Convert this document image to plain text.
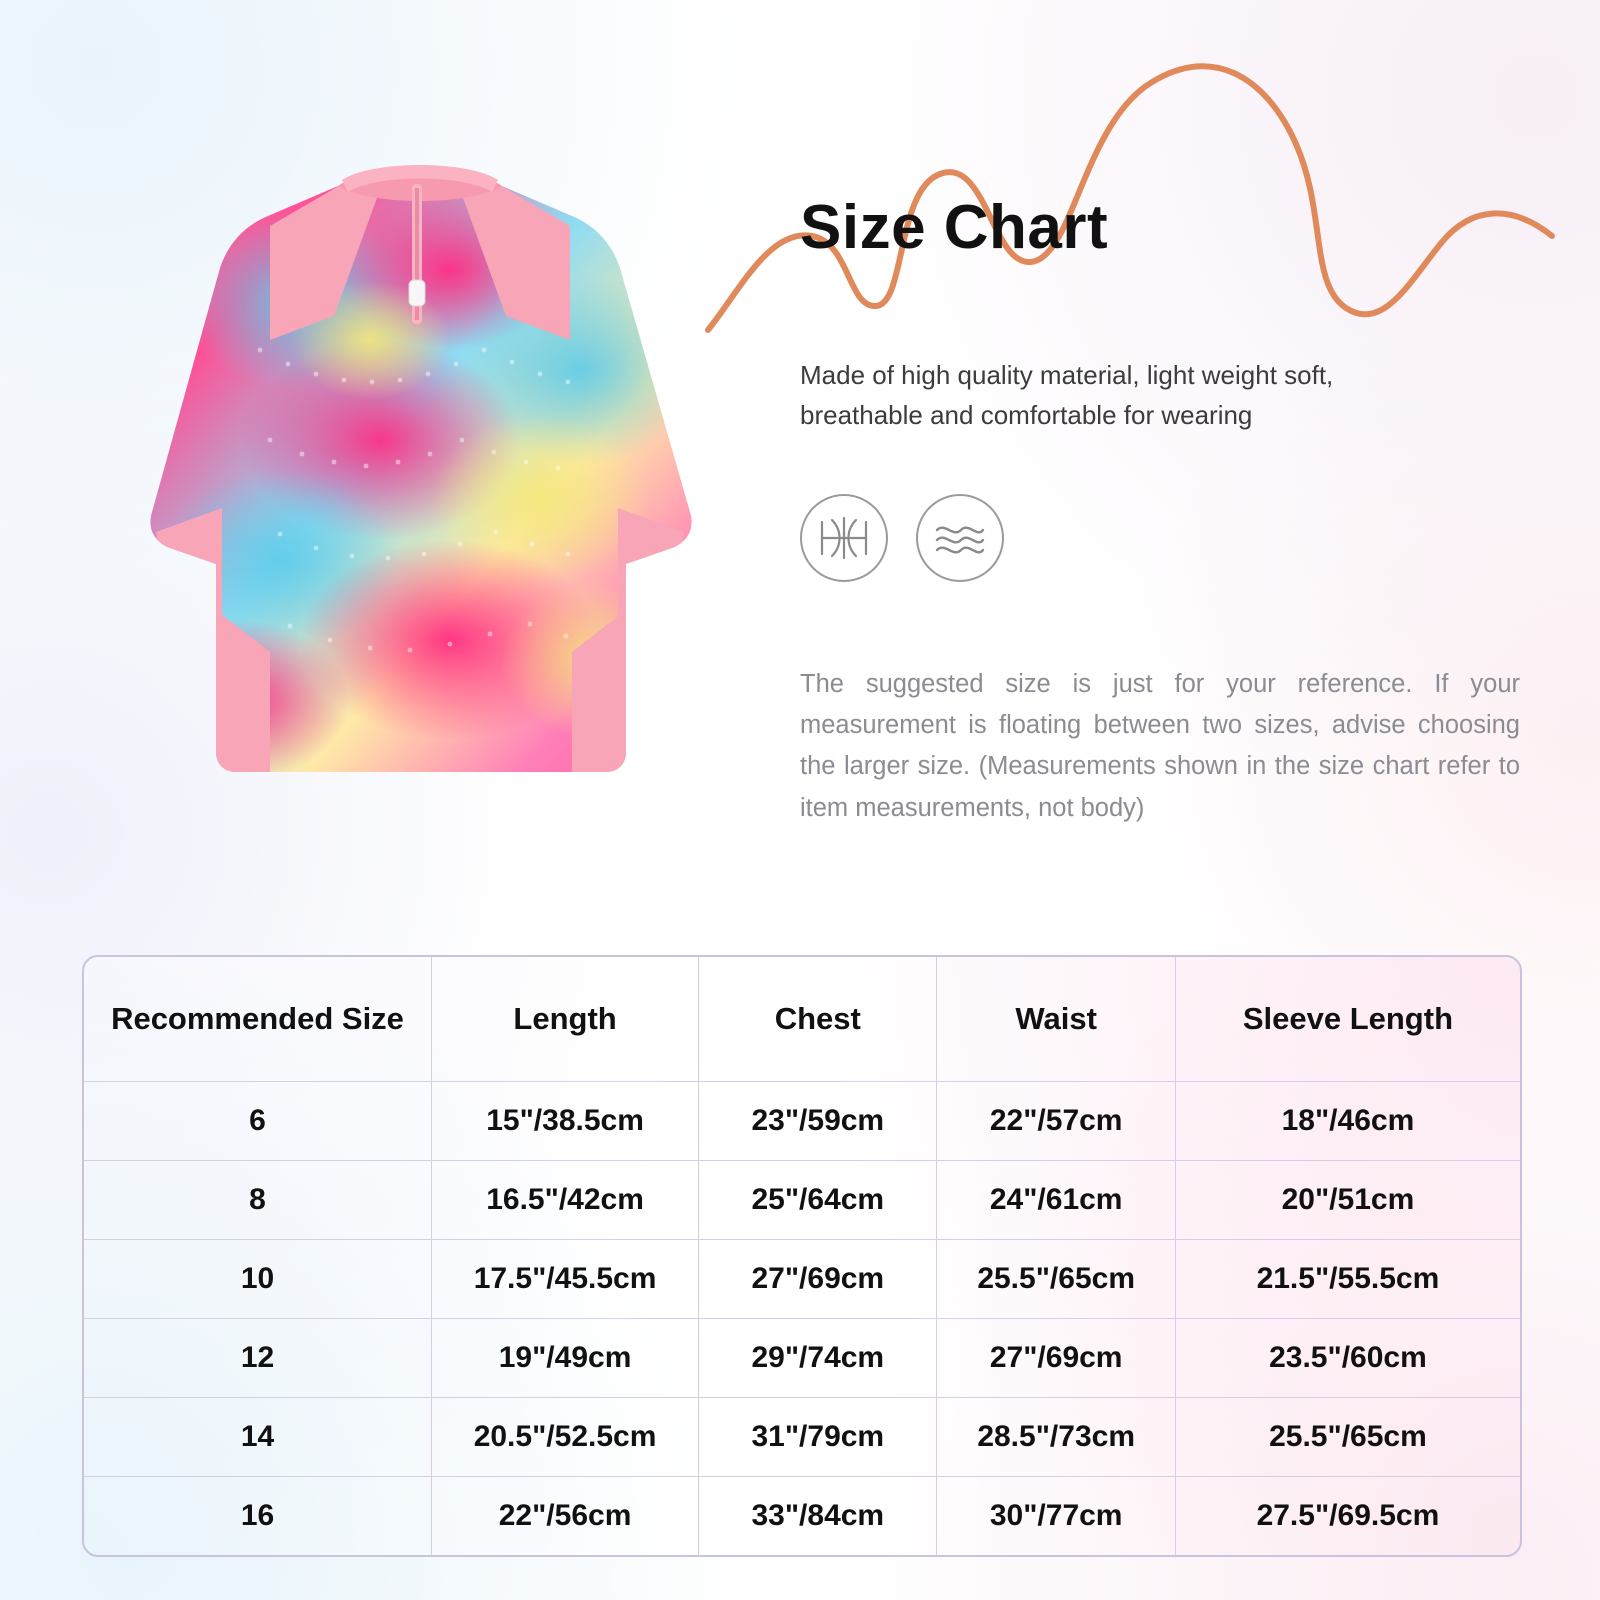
Size Chart

Made of high quality material, light weight soft, breathable and comfortable for wearing

The suggested size is just for your reference. If your measurement is floating between two sizes, advise choosing the larger size. (Measurements shown in the size chart refer to item measurements, not body)

Recommended Size	Length	Chest	Waist	Sleeve Length
6	15"/38.5cm	23"/59cm	22"/57cm	18"/46cm
8	16.5"/42cm	25"/64cm	24"/61cm	20"/51cm
10	17.5"/45.5cm	27"/69cm	25.5"/65cm	21.5"/55.5cm
12	19"/49cm	29"/74cm	27"/69cm	23.5"/60cm
14	20.5"/52.5cm	31"/79cm	28.5"/73cm	25.5"/65cm
16	22"/56cm	33"/84cm	30"/77cm	27.5"/69.5cm
